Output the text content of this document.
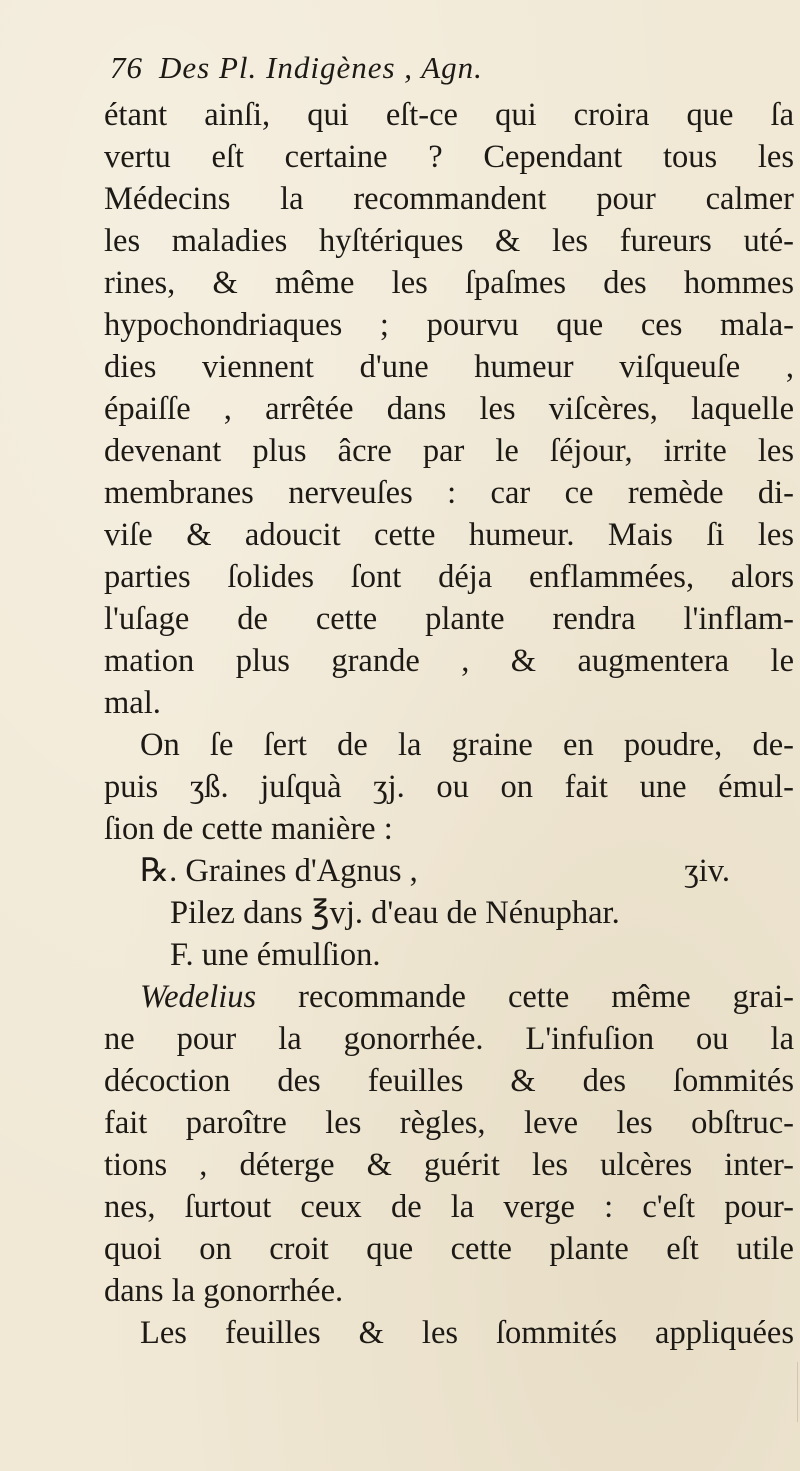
76 Des Pl. Indigènes , Agn.
étant ainſi, qui eſt-ce qui croira que ſa
vertu eſt certaine ? Cependant tous les
Médecins la recommandent pour calmer
les maladies hyſtériques & les fureurs uté-
rines, & même les ſpaſmes des hommes
hypochondriaques ; pourvu que ces mala-
dies viennent d'une humeur viſqueuſe ,
épaiſſe , arrêtée dans les viſcères, laquelle
devenant plus âcre par le ſéjour, irrite les
membranes nerveuſes : car ce remède di-
viſe & adoucit cette humeur. Mais ſi les
parties ſolides ſont déja enflammées, alors
l'uſage de cette plante rendra l'inflam-
mation plus grande , & augmentera le
mal.
On ſe ſert de la graine en poudre, de-
puis ʒß. juſquà ʒj. ou on fait une émul-
ſion de cette manière :
℞. Graines d'Agnus ,	ʒiv.
Pilez dans ℥vj. d'eau de Nénuphar.
F. une émulſion.
Wedelius recommande cette même grai-
ne pour la gonorrhée. L'infuſion ou la
décoction des feuilles & des ſommités
fait paroître les règles, leve les obſtruc-
tions , déterge & guérit les ulcères inter-
nes, ſurtout ceux de la verge : c'eſt pour-
quoi on croit que cette plante eſt utile
dans la gonorrhée.
Les feuilles & les ſommités appliquées
